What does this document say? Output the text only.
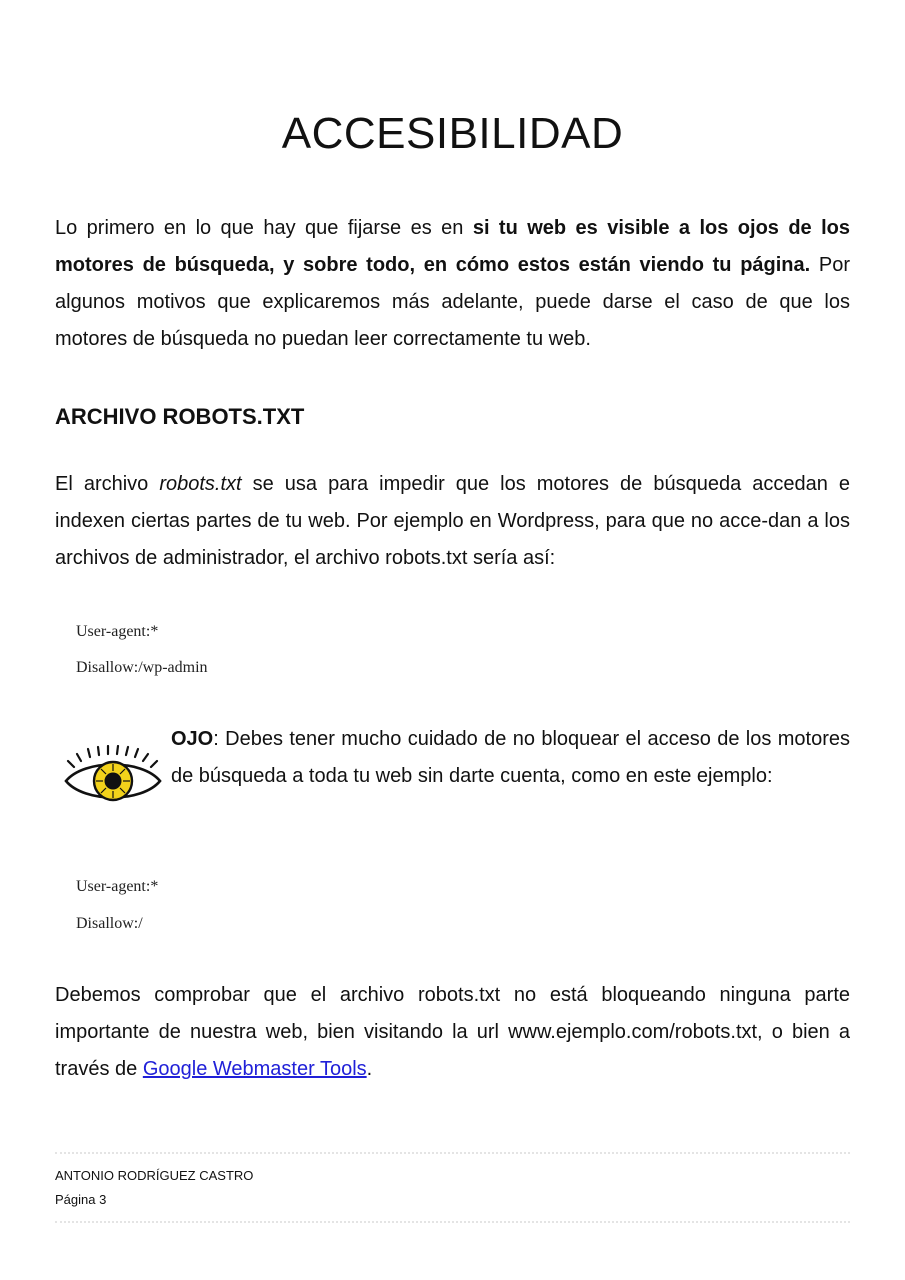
ACCESIBILIDAD

Lo primero en lo que hay que fijarse es en si tu web es visible a los ojos de los motores de búsqueda, y sobre todo, en cómo estos están viendo tu página. Por algunos motivos que explicaremos más adelante, puede darse el caso de que los motores de búsqueda no puedan leer correctamente tu web.

ARCHIVO ROBOTS.TXT

El archivo robots.txt se usa para impedir que los motores de búsqueda accedan e indexen ciertas partes de tu web. Por ejemplo en Wordpress, para que no acce-dan a los archivos de administrador, el archivo robots.txt sería así:

User-agent:*
Disallow:/wp-admin

OJO: Debes tener mucho cuidado de no bloquear el acceso de los motores de búsqueda a toda tu web sin darte cuenta, como en este ejemplo:

User-agent:*
Disallow:/

Debemos comprobar que el archivo robots.txt no está bloqueando ninguna parte importante de nuestra web, bien visitando la url www.ejemplo.com/robots.txt, o bien a través de Google Webmaster Tools.

ANTONIO RODRÍGUEZ CASTRO
Página 3
